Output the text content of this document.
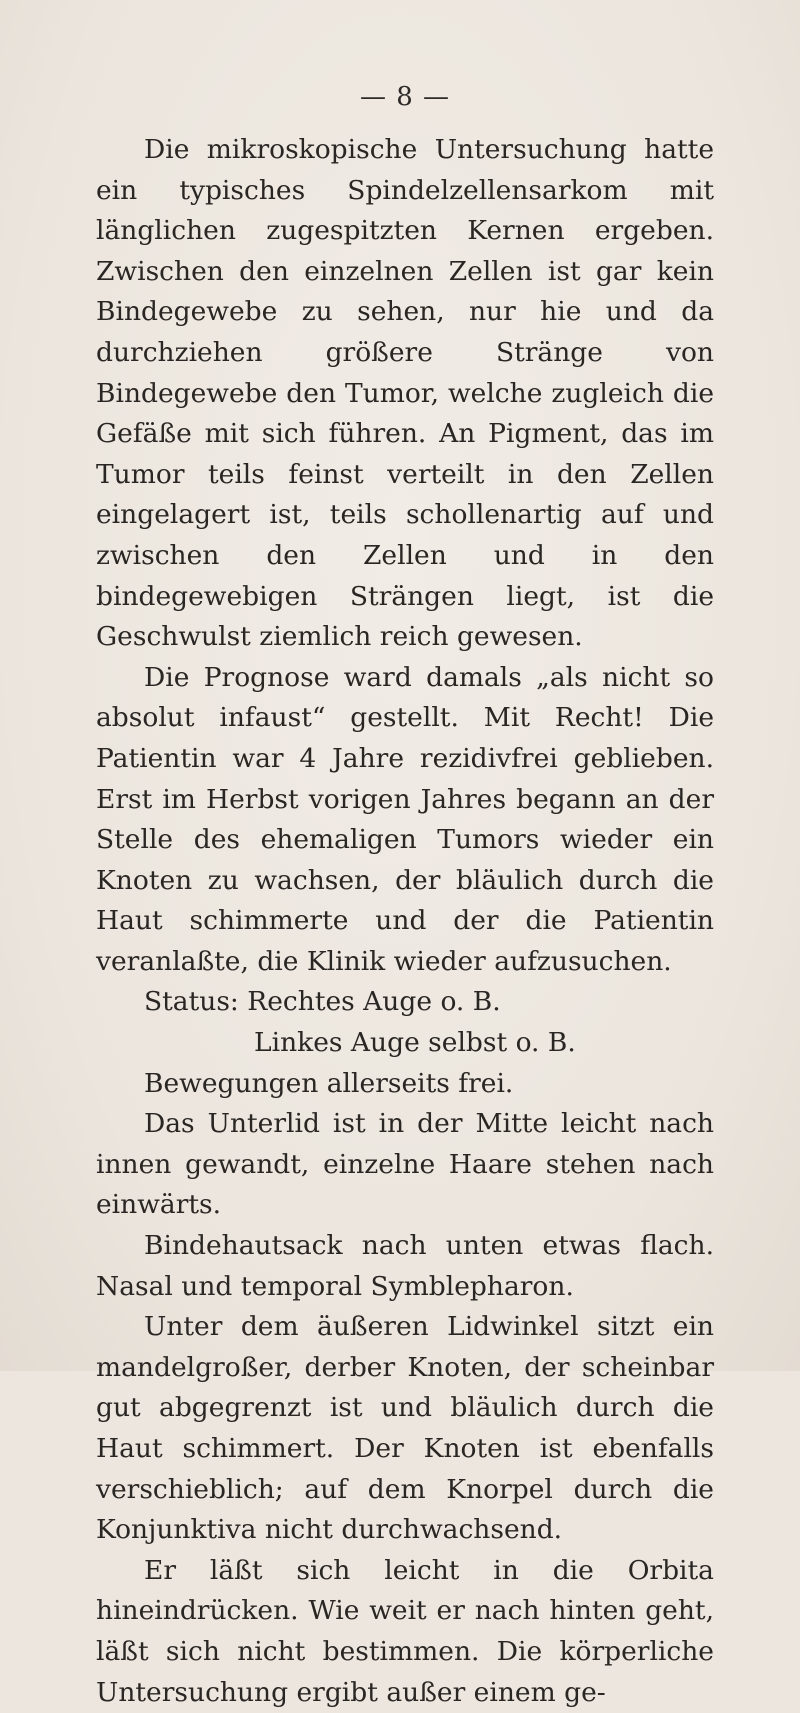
— 8 —

Die mikroskopische Untersuchung hatte ein typisches Spindelzellensarkom mit länglichen zugespitzten Kernen ergeben. Zwischen den einzelnen Zellen ist gar kein Bindegewebe zu sehen, nur hie und da durchziehen größere Stränge von Bindegewebe den Tumor, welche zugleich die Gefäße mit sich führen. An Pigment, das im Tumor teils feinst verteilt in den Zellen eingelagert ist, teils schollenartig auf und zwischen den Zellen und in den bindegewebigen Strängen liegt, ist die Geschwulst ziemlich reich gewesen.

Die Prognose ward damals „als nicht so absolut infaust“ gestellt. Mit Recht! Die Patientin war 4 Jahre rezidivfrei geblieben. Erst im Herbst vorigen Jahres begann an der Stelle des ehemaligen Tumors wieder ein Knoten zu wachsen, der bläulich durch die Haut schimmerte und der die Patientin veranlaßte, die Klinik wieder aufzusuchen.

Status: Rechtes Auge o. B.

Linkes Auge selbst o. B.

Bewegungen allerseits frei.

Das Unterlid ist in der Mitte leicht nach innen gewandt, einzelne Haare stehen nach einwärts.

Bindehautsack nach unten etwas flach. Nasal und temporal Symblepharon.

Unter dem äußeren Lidwinkel sitzt ein mandelgroßer, derber Knoten, der scheinbar gut abgegrenzt ist und bläulich durch die Haut schimmert. Der Knoten ist ebenfalls verschieblich; auf dem Knorpel durch die Konjunktiva nicht durchwachsend.

Er läßt sich leicht in die Orbita hineindrücken. Wie weit er nach hinten geht, läßt sich nicht bestimmen. Die körperliche Untersuchung ergibt außer einem ge-
